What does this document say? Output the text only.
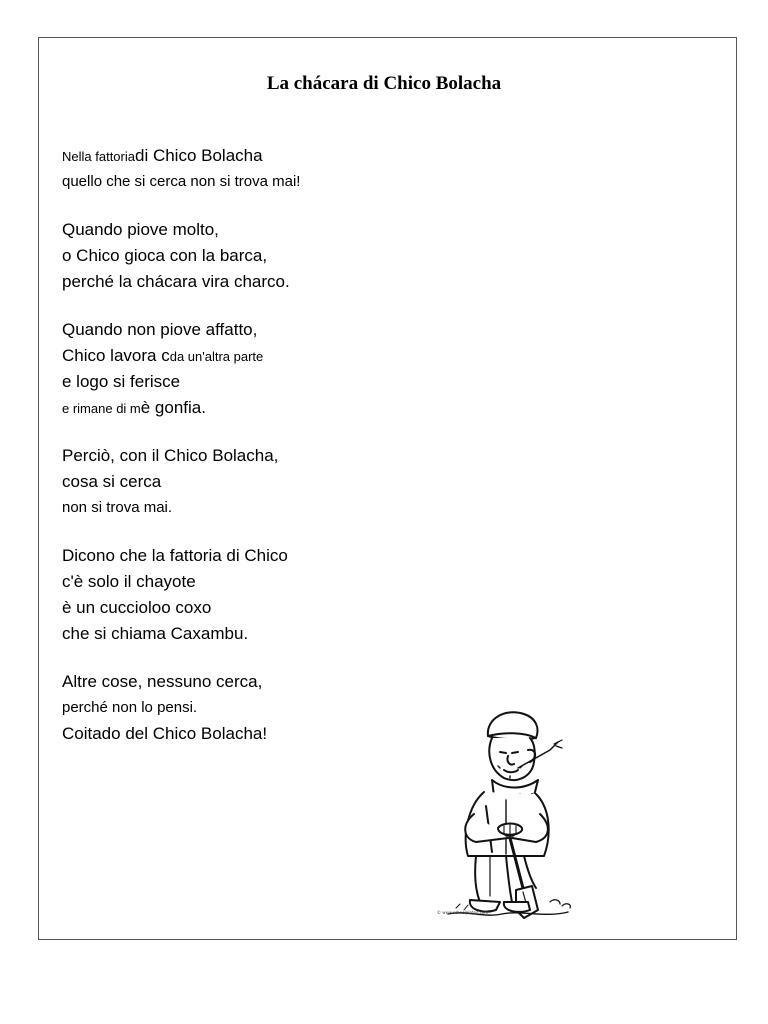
La chácara di Chico Bolacha
Nella fattoriadi Chico Bolacha
quello che si cerca non si trova mai!
Quando piove molto,
o Chico gioca con la barca,
perché la chácara vira charco.
Quando non piove affatto,
Chico lavora cda un'altra parte
e logo si ferisce
e rimane di mè gonfia.
Perciò, con il Chico Bolacha,
cosa si cerca
non si trova mai.
Dicono che la fattoria di Chico
c'è solo il chayote
è un cuccioloo coxo
che si chiama Caxambu.
Altre cose, nessuno cerca,
perché non lo pensi.
Coitado del Chico Bolacha!
© www.schoolplaten.com
